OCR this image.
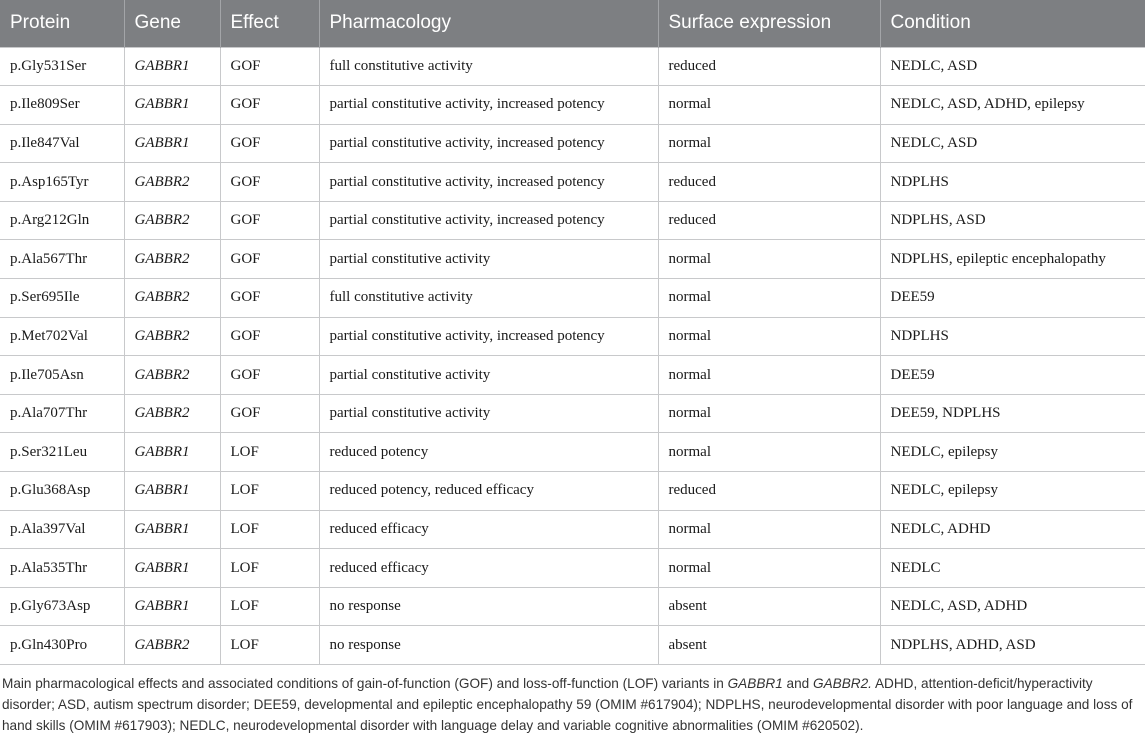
Protein	Gene	Effect	Pharmacology	Surface expression	Condition
p.Gly531Ser	GABBR1	GOF	full constitutive activity	reduced	NEDLC, ASD
p.Ile809Ser	GABBR1	GOF	partial constitutive activity, increased potency	normal	NEDLC, ASD, ADHD, epilepsy
p.Ile847Val	GABBR1	GOF	partial constitutive activity, increased potency	normal	NEDLC, ASD
p.Asp165Tyr	GABBR2	GOF	partial constitutive activity, increased potency	reduced	NDPLHS
p.Arg212Gln	GABBR2	GOF	partial constitutive activity, increased potency	reduced	NDPLHS, ASD
p.Ala567Thr	GABBR2	GOF	partial constitutive activity	normal	NDPLHS, epileptic encephalopathy
p.Ser695Ile	GABBR2	GOF	full constitutive activity	normal	DEE59
p.Met702Val	GABBR2	GOF	partial constitutive activity, increased potency	normal	NDPLHS
p.Ile705Asn	GABBR2	GOF	partial constitutive activity	normal	DEE59
p.Ala707Thr	GABBR2	GOF	partial constitutive activity	normal	DEE59, NDPLHS
p.Ser321Leu	GABBR1	LOF	reduced potency	normal	NEDLC, epilepsy
p.Glu368Asp	GABBR1	LOF	reduced potency, reduced efficacy	reduced	NEDLC, epilepsy
p.Ala397Val	GABBR1	LOF	reduced efficacy	normal	NEDLC, ADHD
p.Ala535Thr	GABBR1	LOF	reduced efficacy	normal	NEDLC
p.Gly673Asp	GABBR1	LOF	no response	absent	NEDLC, ASD, ADHD
p.Gln430Pro	GABBR2	LOF	no response	absent	NDPLHS, ADHD, ASD

Main pharmacological effects and associated conditions of gain-of-function (GOF) and loss-off-function (LOF) variants in GABBR1 and GABBR2. ADHD, attention-deficit/hyperactivity disorder; ASD, autism spectrum disorder; DEE59, developmental and epileptic encephalopathy 59 (OMIM #617904); NDPLHS, neurodevelopmental disorder with poor language and loss of hand skills (OMIM #617903); NEDLC, neurodevelopmental disorder with language delay and variable cognitive abnormalities (OMIM #620502).
